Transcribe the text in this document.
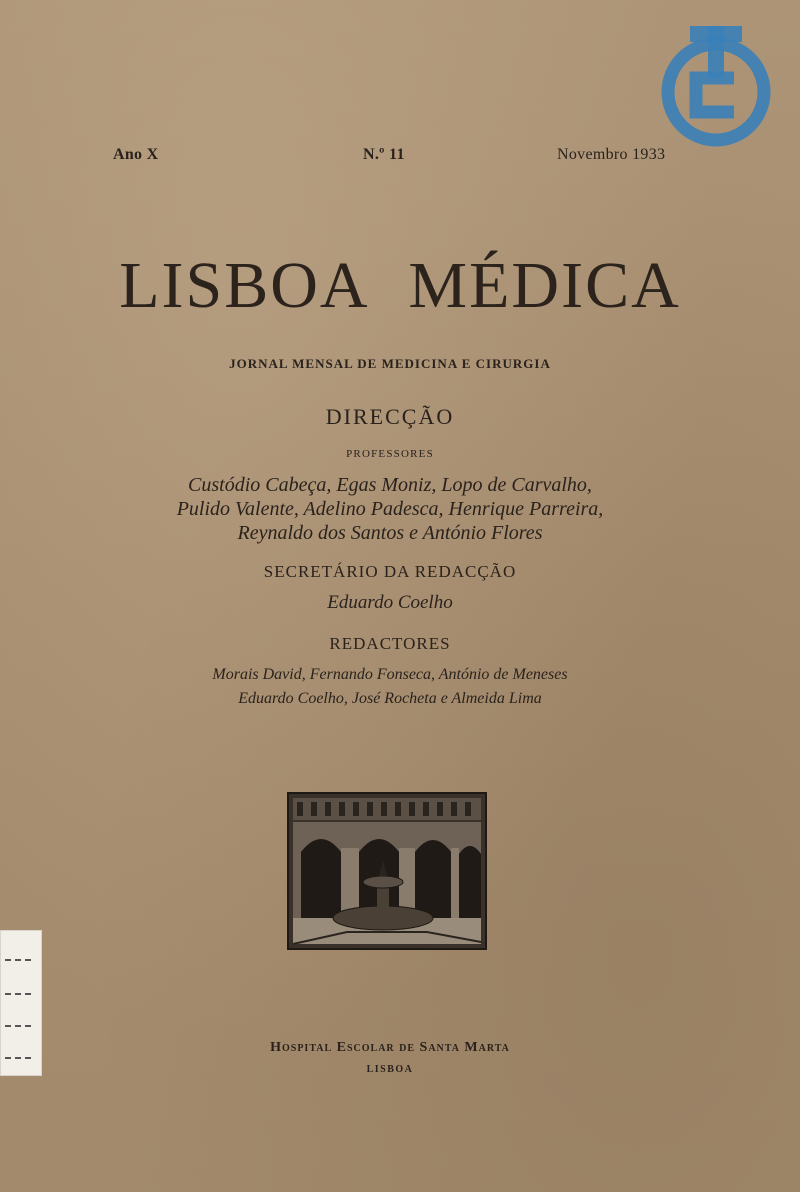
Ano X	N.º 11	Novembro 1933
LISBOA MÉDICA
JORNAL MENSAL DE MEDICINA E CIRURGIA
DIRECÇÃO
PROFESSORES
Custódio Cabeça, Egas Moniz, Lopo de Carvalho,
Pulido Valente, Adelino Padesca, Henrique Parreira,
Reynaldo dos Santos e António Flores
SECRETÁRIO DA REDACÇÃO
Eduardo Coelho
REDACTORES
Morais David, Fernando Fonseca, António de Meneses
Eduardo Coelho, José Rocheta e Almeida Lima
Hospital Escolar de Santa Marta
LISBOA
